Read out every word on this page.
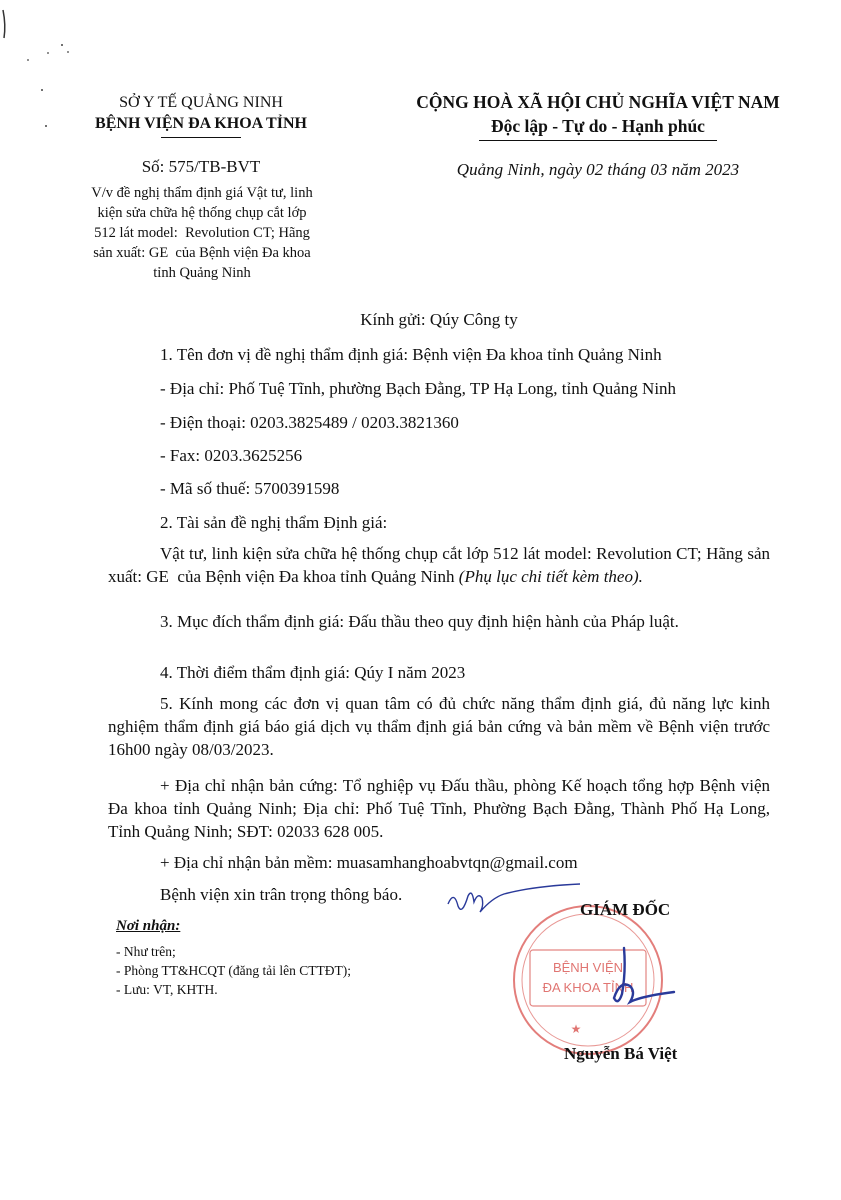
SỞ Y TẾ QUẢNG NINH
BỆNH VIỆN ĐA KHOA TỈNH
Số: 575/TB-BVT
V/v đề nghị thẩm định giá Vật tư, linh
kiện sửa chữa hệ thống chụp cắt lớp
512 lát model:  Revolution CT; Hãng
sản xuất: GE  của Bệnh viện Đa khoa
tỉnh Quảng Ninh
CỘNG HOÀ XÃ HỘI CHỦ NGHĨA VIỆT NAM
Độc lập - Tự do - Hạnh phúc
Quảng Ninh, ngày 02 tháng 03 năm 2023
Kính gửi: Qúy Công ty
1. Tên đơn vị đề nghị thẩm định giá: Bệnh viện Đa khoa tỉnh Quảng Ninh
- Địa chỉ: Phố Tuệ Tĩnh, phường Bạch Đằng, TP Hạ Long, tỉnh Quảng Ninh
- Điện thoại: 0203.3825489 / 0203.3821360
- Fax: 0203.3625256
- Mã số thuế: 5700391598
2. Tài sản đề nghị thẩm Định giá:
Vật tư, linh kiện sửa chữa hệ thống chụp cắt lớp 512 lát model: Revolution CT; Hãng sản xuất: GE  của Bệnh viện Đa khoa tỉnh Quảng Ninh (Phụ lục chi tiết kèm theo).
3. Mục đích thẩm định giá: Đấu thầu theo quy định hiện hành của Pháp luật.
4. Thời điểm thẩm định giá: Qúy I năm 2023
5. Kính mong các đơn vị quan tâm có đủ chức năng thẩm định giá, đủ năng lực kinh nghiệm thẩm định giá báo giá dịch vụ thẩm định giá bản cứng và bản mềm về Bệnh viện trước 16h00 ngày 08/03/2023.
+ Địa chỉ nhận bản cứng: Tổ nghiệp vụ Đấu thầu, phòng Kế hoạch tổng hợp Bệnh viện Đa khoa tỉnh Quảng Ninh; Địa chỉ: Phố Tuệ Tĩnh, Phường Bạch Đằng, Thành Phố Hạ Long, Tỉnh Quảng Ninh; SĐT: 02033 628 005.
+ Địa chỉ nhận bản mềm: muasamhanghoabvtqn@gmail.com
Bệnh viện xin trân trọng thông báo.
Nơi nhận:
- Như trên;
- Phòng TT&HCQT (đăng tải lên CTTĐT);
- Lưu: VT, KHTH.
BỆNH VIỆN
ĐA KHOA TỈNH
★
GIÁM ĐỐC
Nguyễn Bá Việt
